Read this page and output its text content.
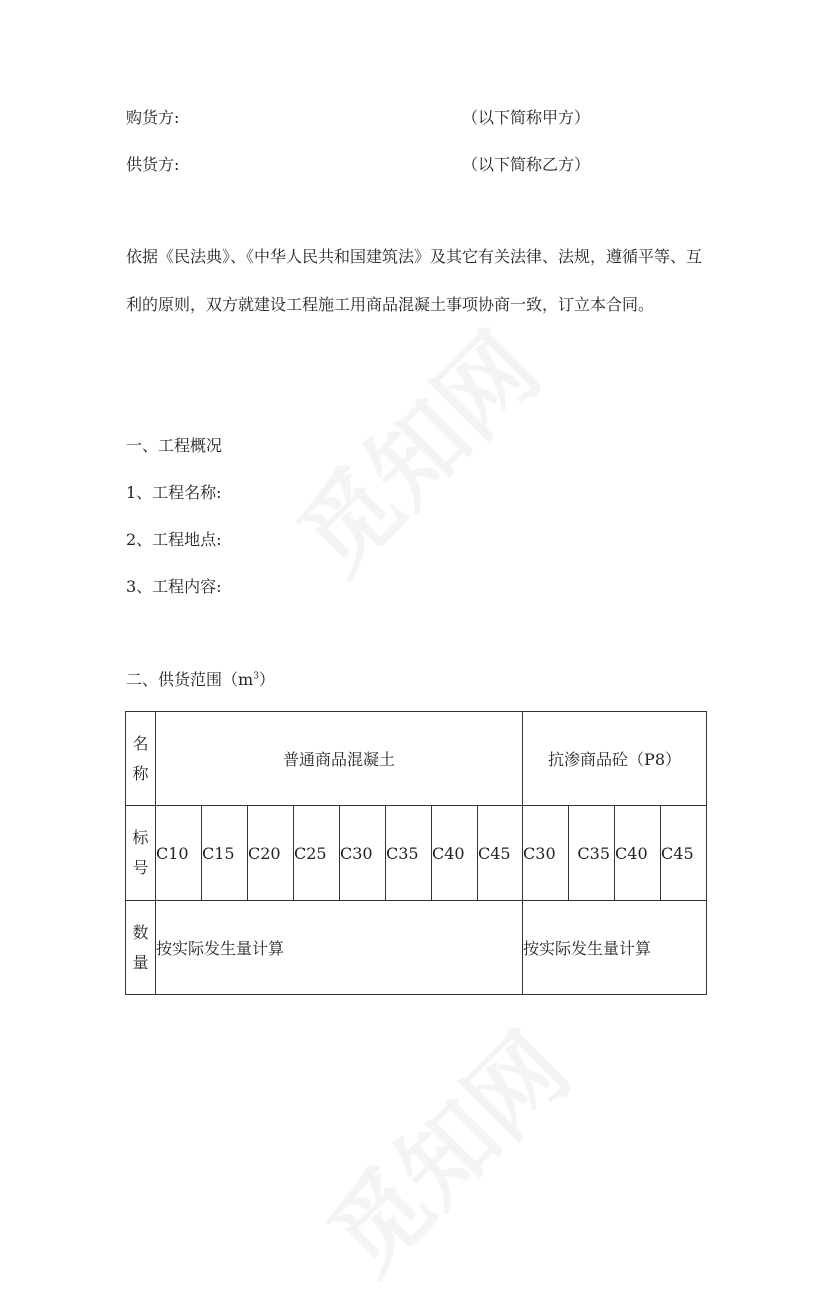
购货方:	（以下简称甲方）
供货方:	（以下简称乙方）
依据《民法典》、《中华人民共和国建筑法》及其它有关法律、法规，遵循平等、互利的原则，双方就建设工程施工用商品混凝土事项协商一致，订立本合同。
一、工程概况
1、工程名称:
2、工程地点:
3、工程内容:
二、供货范围$(m^3)$
名
称	普通商品混凝土								抗渗商品砼（P8）			

标
号	C10	C15	C20	C25	C30	C35	C40	C45	C30	C35	C40	C45

数
量	按实际发生量计算								按实际发生量计算			
